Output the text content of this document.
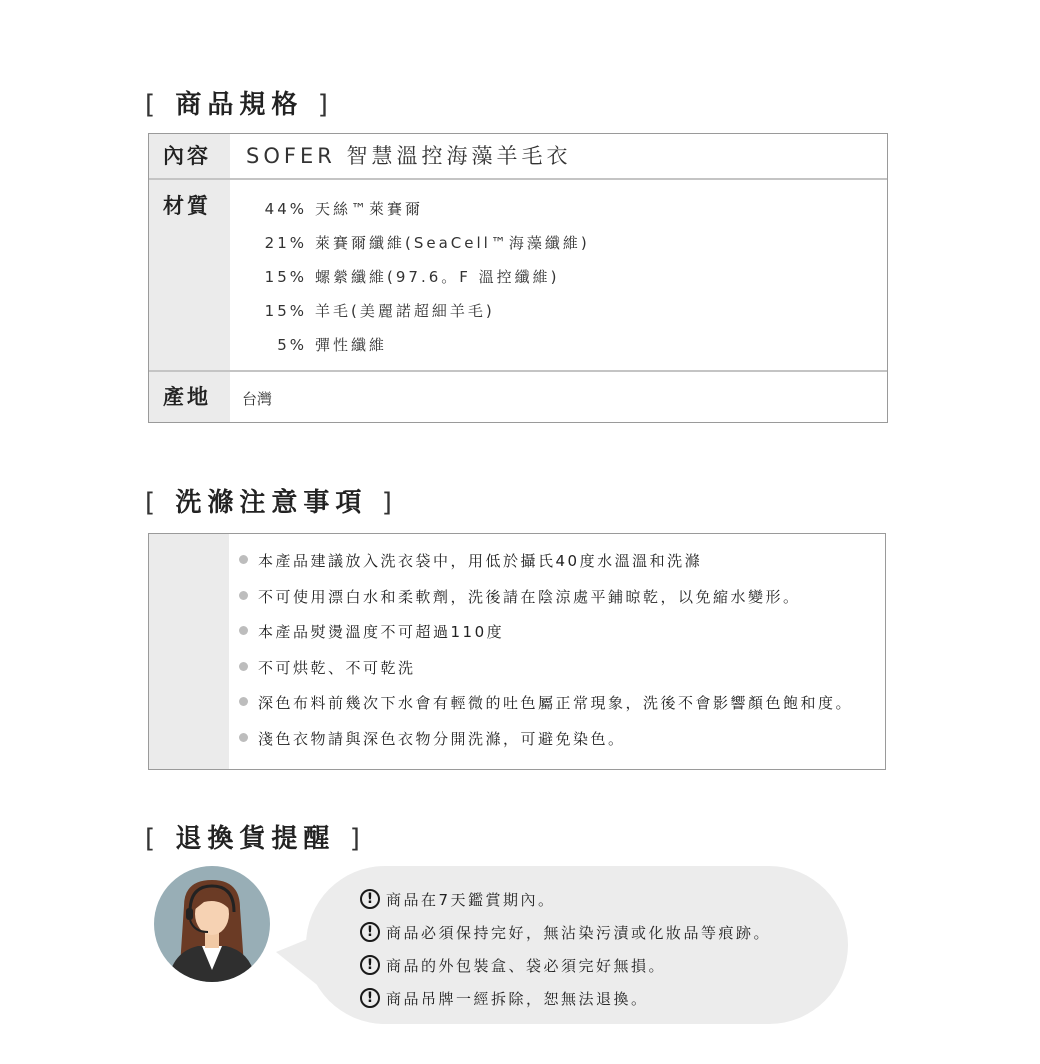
[ 商品規格 ]
內容	SOFER 智慧溫控海藻羊毛衣
材質	44% 天絲™萊賽爾
21% 萊賽爾纖維(SeaCell™海藻纖維)
15% 螺縈纖維(97.6。F 溫控纖維)
15% 羊毛(美麗諾超細羊毛)
5% 彈性纖維
產地	台灣
[ 洗滌注意事項 ]
本產品建議放入洗衣袋中，用低於攝氏40度水溫溫和洗滌
不可使用漂白水和柔軟劑，洗後請在陰涼處平鋪晾乾，以免縮水變形。
本產品熨燙溫度不可超過110度
不可烘乾、不可乾洗
深色布料前幾次下水會有輕微的吐色屬正常現象，洗後不會影響顏色飽和度。
淺色衣物請與深色衣物分開洗滌，可避免染色。
[ 退換貨提醒 ]
! 商品在7天鑑賞期內。
! 商品必須保持完好，無沾染污漬或化妝品等痕跡。
! 商品的外包裝盒、袋必須完好無損。
! 商品吊牌一經拆除，恕無法退換。
